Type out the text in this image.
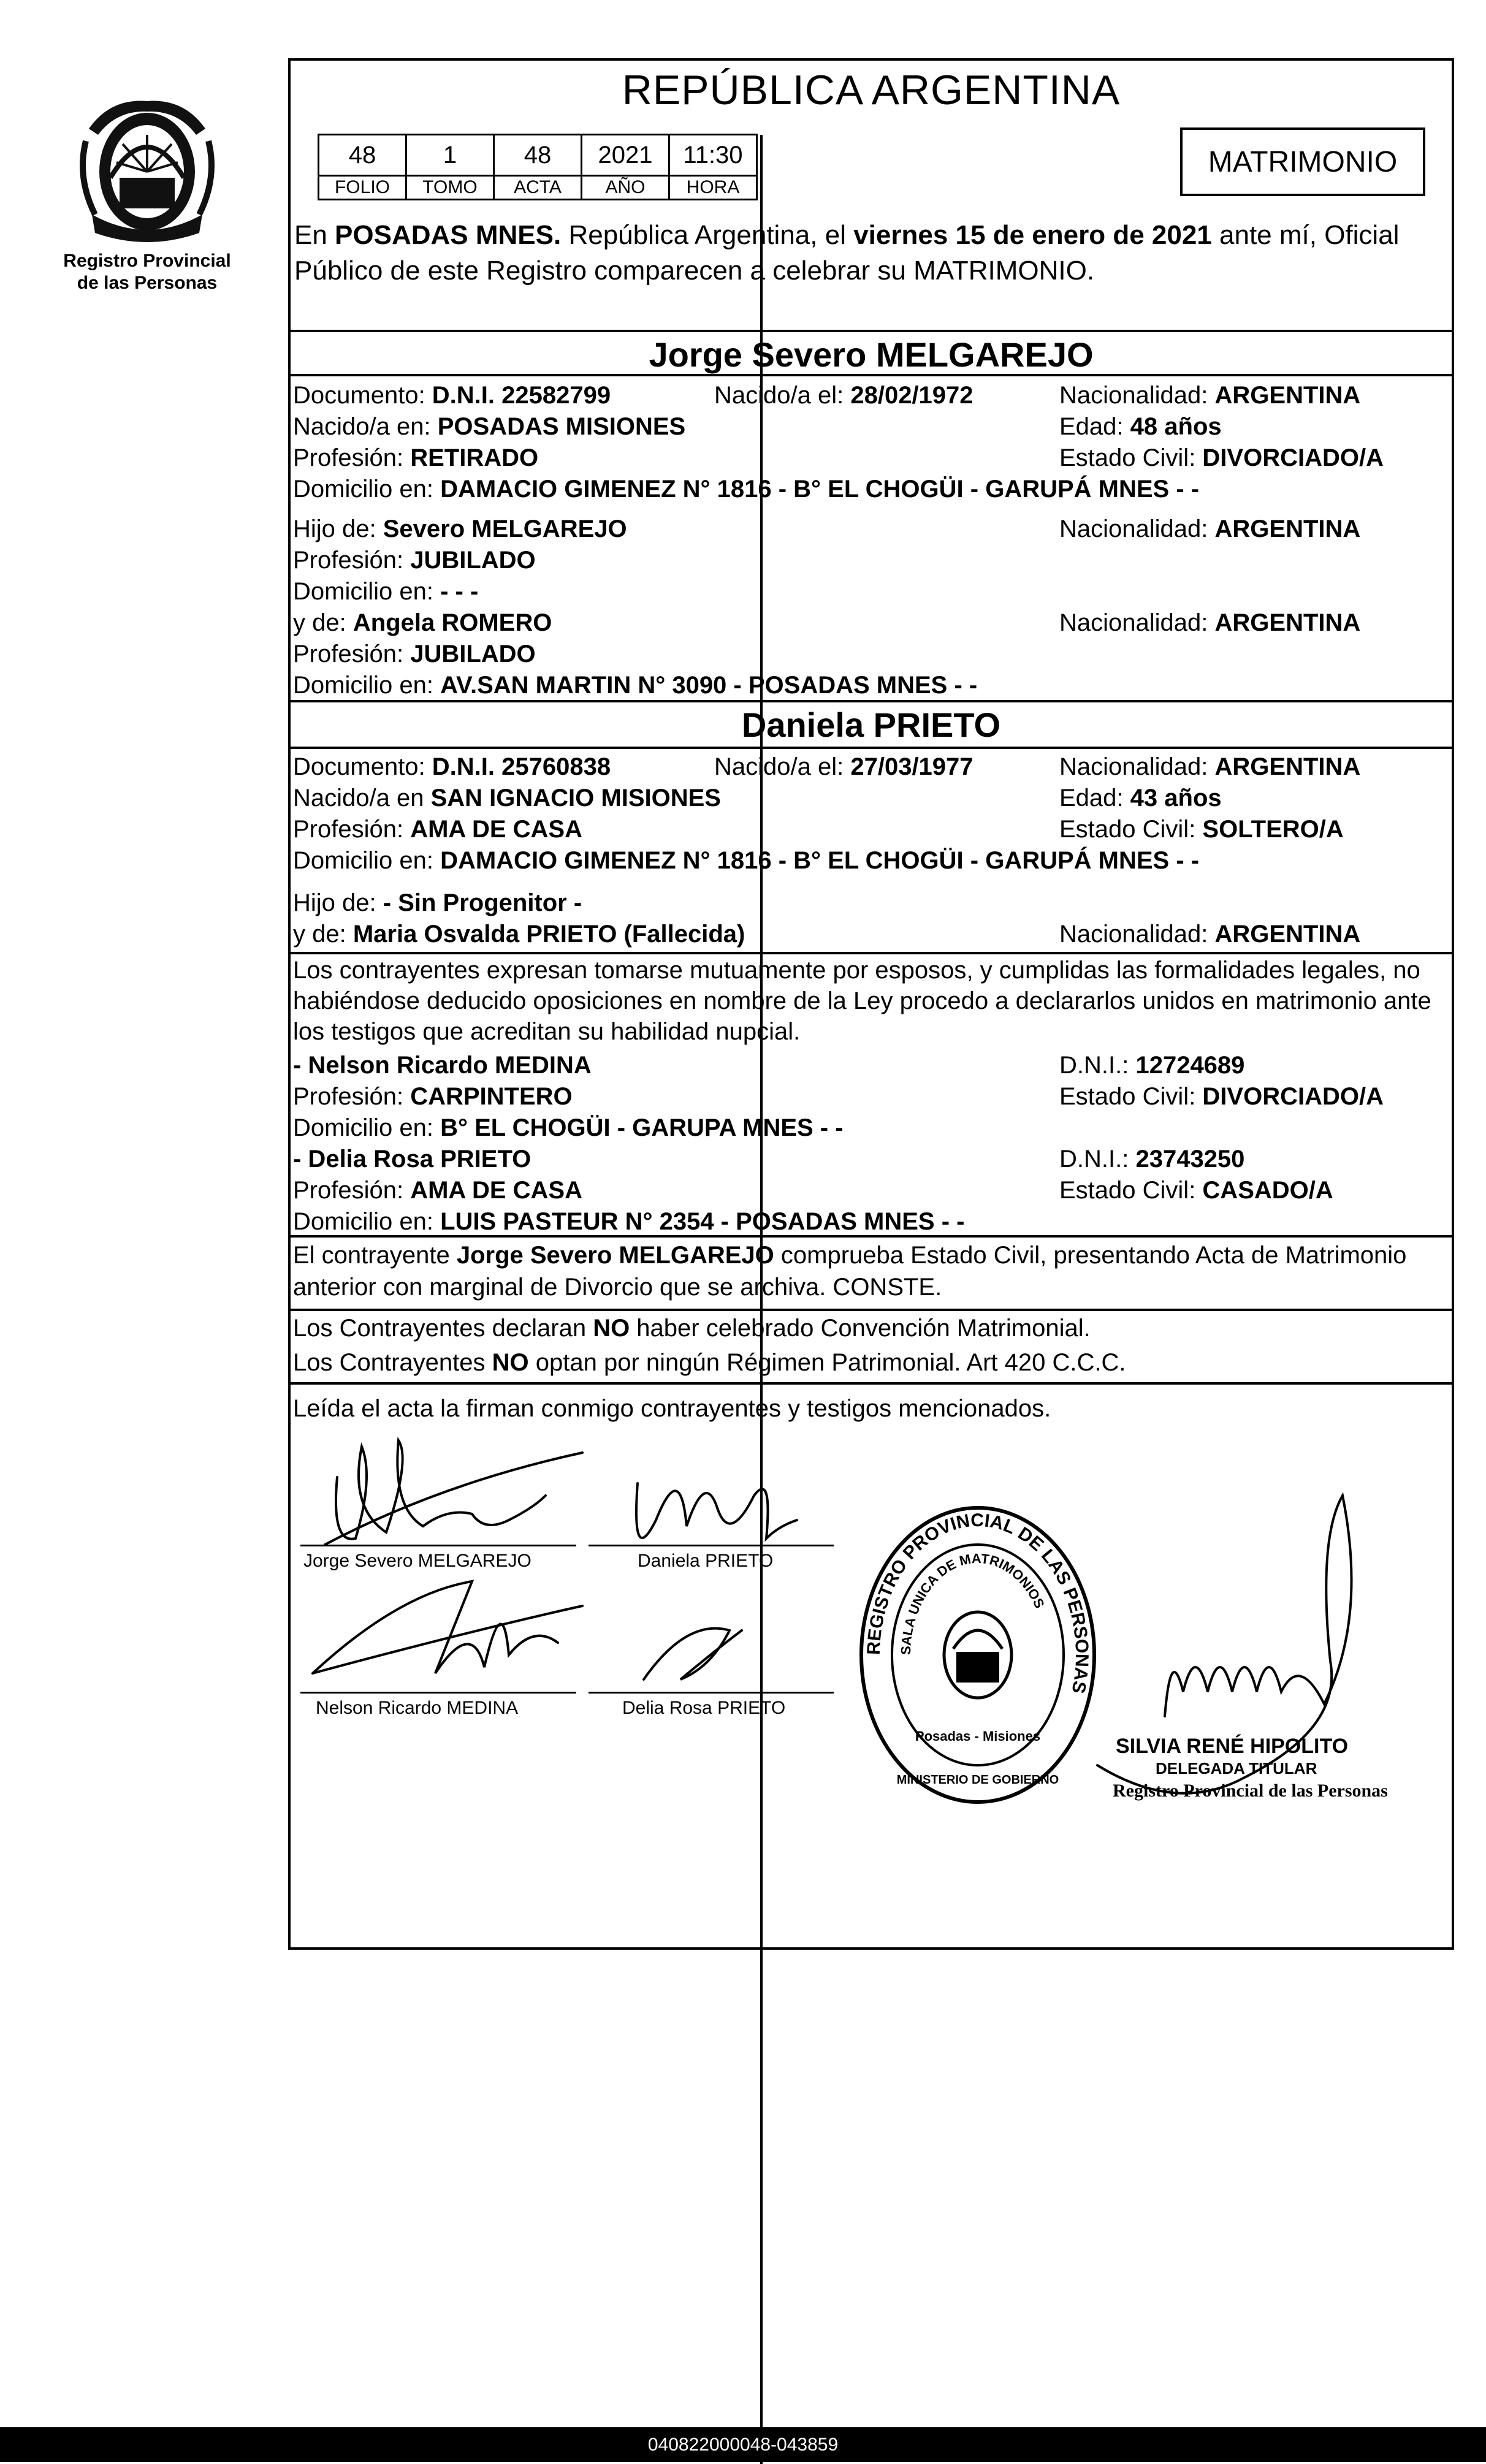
Registro Provincial
de las Personas
REPÚBLICA ARGENTINA
48	1	48	2021	11:30
FOLIO	TOMO	ACTA	AÑO	HORA
MATRIMONIO
En POSADAS MNES. República Argentina, el viernes 15 de enero de 2021 ante mí, Oficial Público de este Registro comparecen a celebrar su MATRIMONIO.
Jorge Severo MELGAREJO
Documento: D.N.I. 22582799	Nacido/a el: 28/02/1972	Nacionalidad: ARGENTINA
Nacido/a en: POSADAS MISIONES	Edad: 48 años
Profesión: RETIRADO	Estado Civil: DIVORCIADO/A
Domicilio en: DAMACIO GIMENEZ N° 1816 - B° EL CHOGÜI - GARUPÁ MNES - -
Hijo de: Severo MELGAREJO	Nacionalidad: ARGENTINA
Profesión: JUBILADO
Domicilio en: - - -
y de: Angela ROMERO	Nacionalidad: ARGENTINA
Profesión: JUBILADO
Domicilio en: AV.SAN MARTIN N° 3090 - POSADAS MNES - -
Daniela PRIETO
Documento: D.N.I. 25760838	Nacido/a el: 27/03/1977	Nacionalidad: ARGENTINA
Nacido/a en SAN IGNACIO MISIONES	Edad: 43 años
Profesión: AMA DE CASA	Estado Civil: SOLTERO/A
Domicilio en: DAMACIO GIMENEZ N° 1816 - B° EL CHOGÜI - GARUPÁ MNES - -
Hijo de: - Sin Progenitor -
y de: Maria Osvalda PRIETO (Fallecida)	Nacionalidad: ARGENTINA
Los contrayentes expresan tomarse mutuamente por esposos, y cumplidas las formalidades legales, no habiéndose deducido oposiciones en nombre de la Ley procedo a declararlos unidos en matrimonio ante los testigos que acreditan su habilidad nupcial.
- Nelson Ricardo MEDINA	D.N.I.: 12724689
Profesión: CARPINTERO	Estado Civil: DIVORCIADO/A
Domicilio en: B° EL CHOGÜI - GARUPA MNES - -
- Delia Rosa PRIETO	D.N.I.: 23743250
Profesión: AMA DE CASA	Estado Civil: CASADO/A
Domicilio en: LUIS PASTEUR N° 2354 - POSADAS MNES - -
El contrayente Jorge Severo MELGAREJO comprueba Estado Civil, presentando Acta de Matrimonio anterior con marginal de Divorcio que se archiva. CONSTE.
Los Contrayentes declaran NO haber celebrado Convención Matrimonial.
Los Contrayentes NO optan por ningún Régimen Patrimonial. Art 420 C.C.C.
Leída el acta la firman conmigo contrayentes y testigos mencionados.
Jorge Severo MELGAREJO	Daniela PRIETO
Nelson Ricardo MEDINA	Delia Rosa PRIETO
REGISTRO PROVINCIAL DE LAS PERSONAS
SALA UNICA DE MATRIMONIOS
Posadas - Misiones
MINISTERIO DE GOBIERNO
SILVIA RENÉ HIPOLITO
DELEGADA TITULAR
Registro Provincial de las Personas
040822000048-043859
